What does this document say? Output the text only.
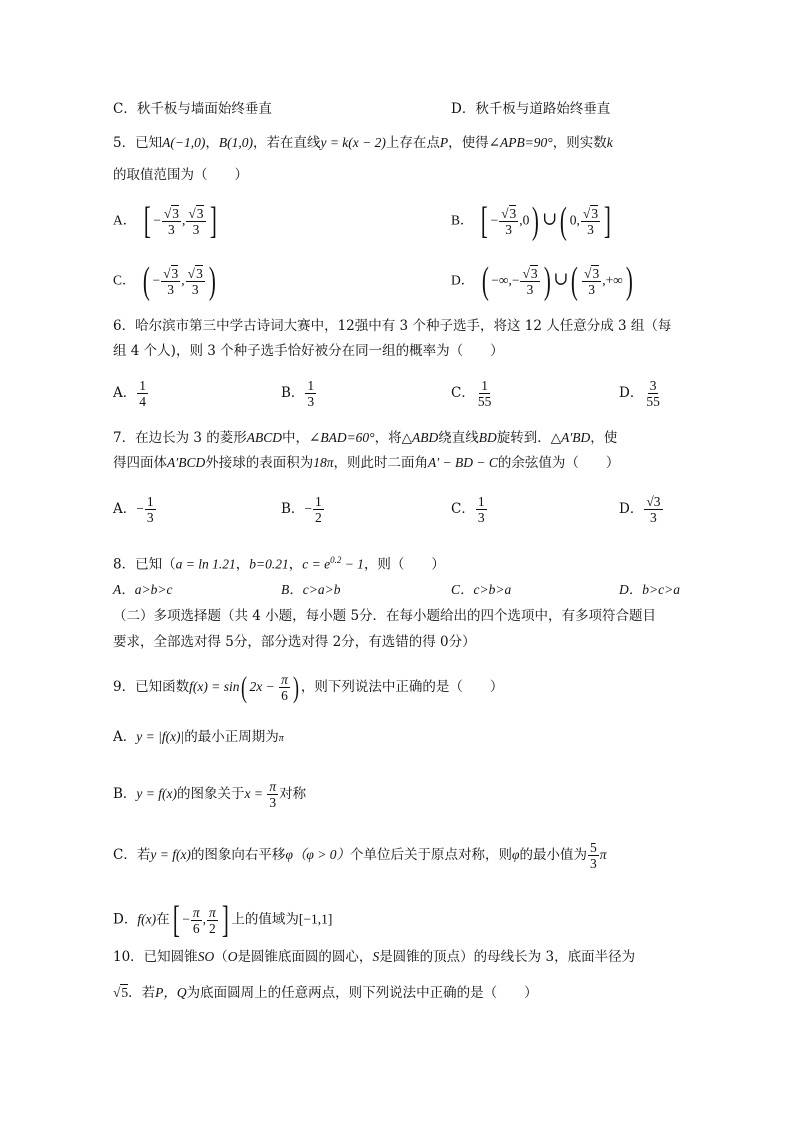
C．秋千板与墙面始终垂直	D．秋千板与道路始终垂直
5．已知A(−1,0)，B(1,0)，若在直线y = k(x − 2)上存在点P，使得∠APB=90°，则实数k
的取值范围为（　　）
A． [ − $\frac{√3}{3}$ , $\frac{√3}{3}$ ]	B． [ − $\frac{√3}{3} ,0$) ∪( 0, $\frac{√3}{3}$ ]
C． ( − $\frac{√3}{3}$ , $\frac{√3}{3}$ )	D． ( −∞,− $\frac{√3}{3}$ ) ∪( $\frac{√3}{3}$ ,+∞)
6．哈尔滨市第三中学古诗词大赛中，12强中有 3 个种子选手，将这 12 人任意分成 3 组（每
组 4 个人)，则 3 个种子选手恰好被分在同一组的概率为（　　）
A． $\frac{1}{4}$	B． $\frac{1}{3}$	C． $\frac{1}{55}$	D． $\frac{3}{55}$
7．在边长为 3 的菱形ABCD中，∠BAD=60°，将△ABD绕直线BD旋转到．△A′BD，使
得四面体A′BCD外接球的表面积为18π，则此时二面角A′ − BD − C的余弦值为（　　）
A．− $\frac{1}{3}$	B．− $\frac{1}{2}$	C． $\frac{1}{3}$	D． $\frac{√3}{3}$
8．已知（a = ln 1.21，b=0.21，$c = e^{0.2} - 1$，则（　　）
A．a>b>c	B．c>a>b	C．c>b>a	D．b>c>a
（二）多项选择题（共 4 小题，每小题 5分．在每小题给出的四个选项中，有多项符合题目
要求，全部选对得 5分，部分选对得 2分，有选错的得 0分）
9．已知函数f(x) = sin( $2x - \frac{\pi}{6}$ ) ，则下列说法中正确的是（　　）
A．y = |f(x)|的最小正周期为π
B．y = f(x)的图象关于$x = \frac{\pi}{3}$ 对称
C．若y = f(x)的图象向右平移φ（φ > 0）个单位后关于原点对称，则φ的最小值为 $\frac{5}{3}$ π
D．f(x)在[ − $\frac{\pi}{6}$ , $\frac{\pi}{2}$ ] 上的值域为[−1,1]
10．已知圆锥SO（O是圆锥底面圆的圆心，S是圆锥的顶点）的母线长为 3，底面半径为
√5．若P，Q为底面圆周上的任意两点，则下列说法中正确的是（　　）
